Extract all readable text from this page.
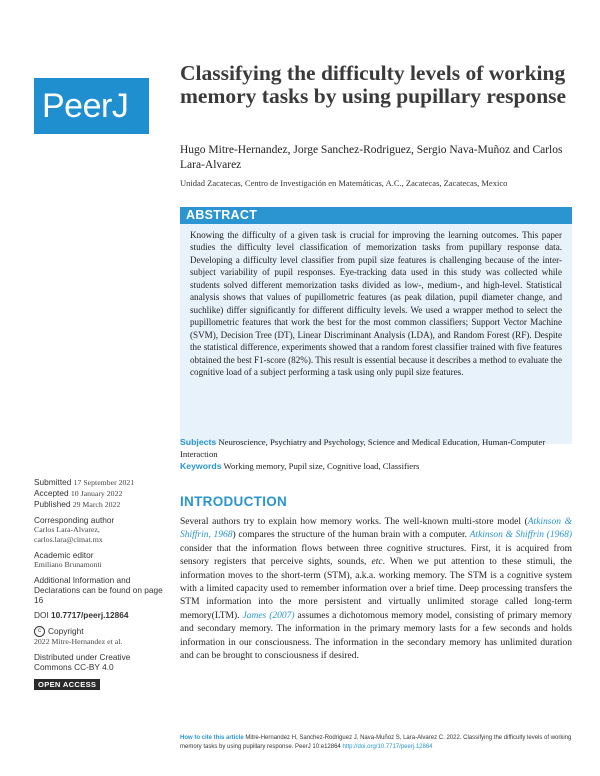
PeerJ
Classifying the difficulty levels of working memory tasks by using pupillary response
Hugo Mitre-Hernandez, Jorge Sanchez-Rodriguez, Sergio Nava-Muñoz and Carlos Lara-Alvarez
Unidad Zacatecas, Centro de Investigación en Matemáticas, A.C., Zacatecas, Zacatecas, Mexico
ABSTRACT
Knowing the difficulty of a given task is crucial for improving the learning outcomes. This paper studies the difficulty level classification of memorization tasks from pupillary response data. Developing a difficulty level classifier from pupil size features is challenging because of the inter-subject variability of pupil responses. Eye-tracking data used in this study was collected while students solved different memorization tasks divided as low-, medium-, and high-level. Statistical analysis shows that values of pupillometric features (as peak dilation, pupil diameter change, and suchlike) differ significantly for different difficulty levels. We used a wrapper method to select the pupillometric features that work the best for the most common classifiers; Support Vector Machine (SVM), Decision Tree (DT), Linear Discriminant Analysis (LDA), and Random Forest (RF). Despite the statistical difference, experiments showed that a random forest classifier trained with five features obtained the best F1-score (82%). This result is essential because it describes a method to evaluate the cognitive load of a subject performing a task using only pupil size features.
Subjects Neuroscience, Psychiatry and Psychology, Science and Medical Education, Human-Computer Interaction
Keywords Working memory, Pupil size, Cognitive load, Classifiers
Submitted 17 September 2021
Accepted 10 January 2022
Published 29 March 2022
Corresponding author
Carlos Lara-Alvarez,
carlos.lara@cimat.mx
Academic editor
Emiliano Brunamonti
Additional Information and Declarations can be found on page 16
DOI 10.7717/peerj.12864
c Copyright
2022 Mitre-Hernandez et al.
Distributed under Creative Commons CC-BY 4.0
OPEN ACCESS
INTRODUCTION

Several authors try to explain how memory works. The well-known multi-store model (Atkinson & Shiffrin, 1968) compares the structure of the human brain with a computer. Atkinson & Shiffrin (1968) consider that the information flows between three cognitive structures. First, it is acquired from sensory registers that perceive sights, sounds, etc. When we put attention to these stimuli, the information moves to the short-term (STM), a.k.a. working memory. The STM is a cognitive system with a limited capacity used to remember information over a brief time. Deep processing transfers the STM information into the more persistent and virtually unlimited storage called long-term memory(LTM). James (2007) assumes a dichotomous memory model, consisting of primary memory and secondary memory. The information in the primary memory lasts for a few seconds and holds information in our consciousness. The information in the secondary memory has unlimited duration and can be brought to consciousness if desired.

How to cite this article Mitre-Hernandez H, Sanchez-Rodriguez J, Nava-Muñoz S, Lara-Alvarez C. 2022. Classifying the difficulty levels of working memory tasks by using pupillary response. PeerJ 10:e12864 http://doi.org/10.7717/peerj.12864
